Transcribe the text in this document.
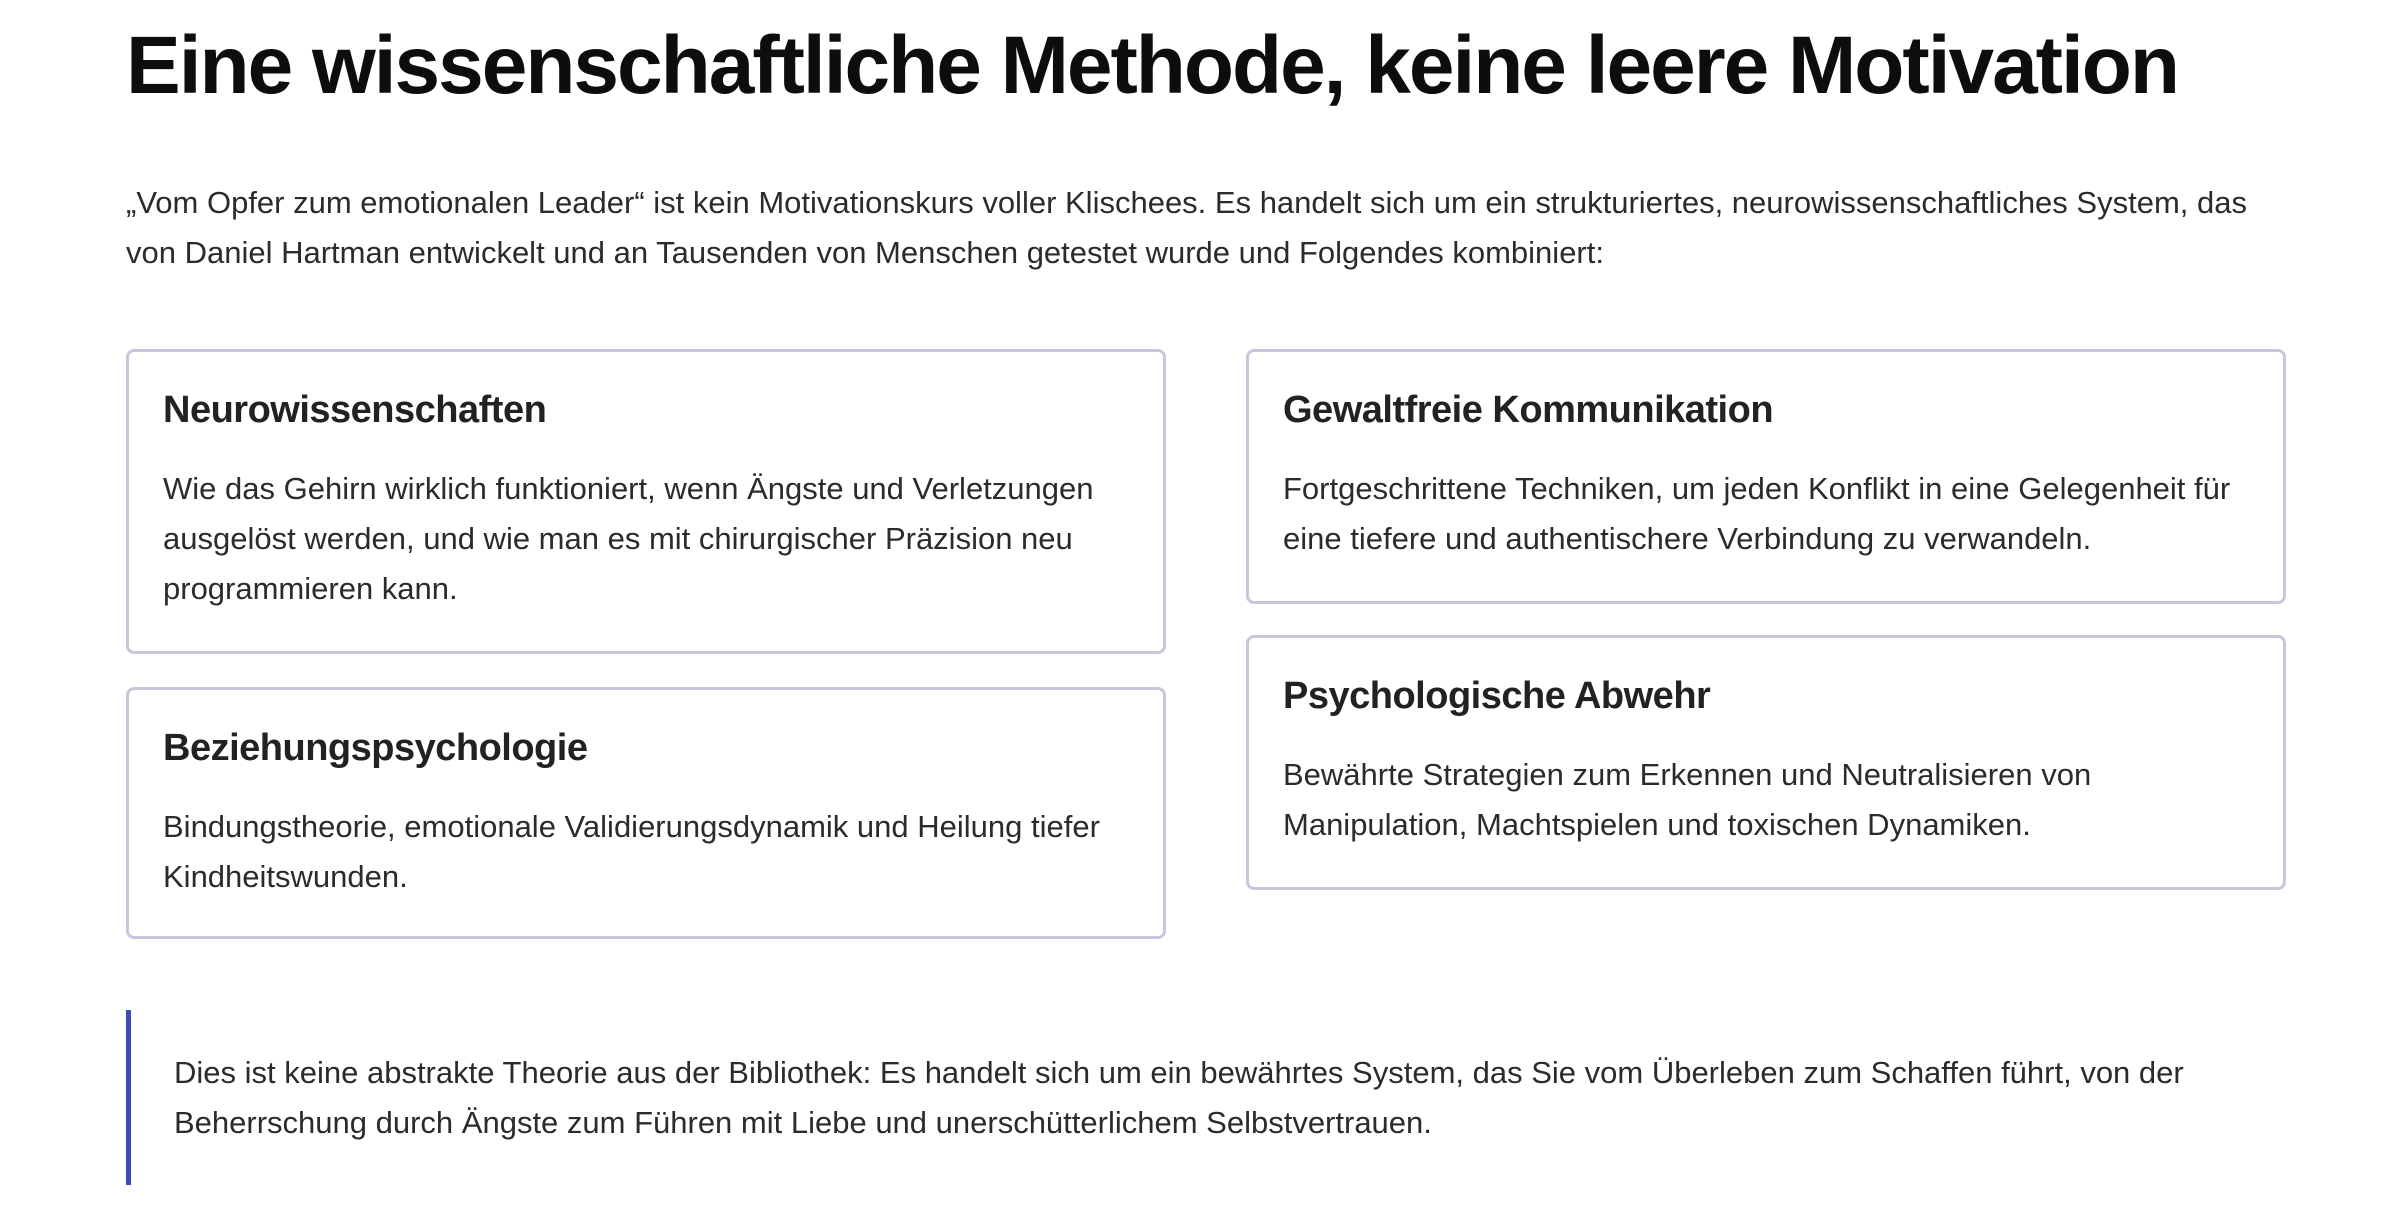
Eine wissenschaftliche Methode, keine leere Motivation

„Vom Opfer zum emotionalen Leader“ ist kein Motivationskurs voller Klischees. Es handelt sich um ein strukturiertes, neurowissenschaftliches System, das von Daniel Hartman entwickelt und an Tausenden von Menschen getestet wurde und Folgendes kombiniert:

Neurowissenschaften

Wie das Gehirn wirklich funktioniert, wenn Ängste und Verletzungen ausgelöst werden, und wie man es mit chirurgischer Präzision neu programmieren kann.

Beziehungspsychologie

Bindungstheorie, emotionale Validierungsdynamik und Heilung tiefer Kindheitswunden.

Gewaltfreie Kommunikation

Fortgeschrittene Techniken, um jeden Konflikt in eine Gelegenheit für eine tiefere und authentischere Verbindung zu verwandeln.

Psychologische Abwehr

Bewährte Strategien zum Erkennen und Neutralisieren von Manipulation, Machtspielen und toxischen Dynamiken.

Dies ist keine abstrakte Theorie aus der Bibliothek: Es handelt sich um ein bewährtes System, das Sie vom Überleben zum Schaffen führt, von der Beherrschung durch Ängste zum Führen mit Liebe und unerschütterlichem Selbstvertrauen.
